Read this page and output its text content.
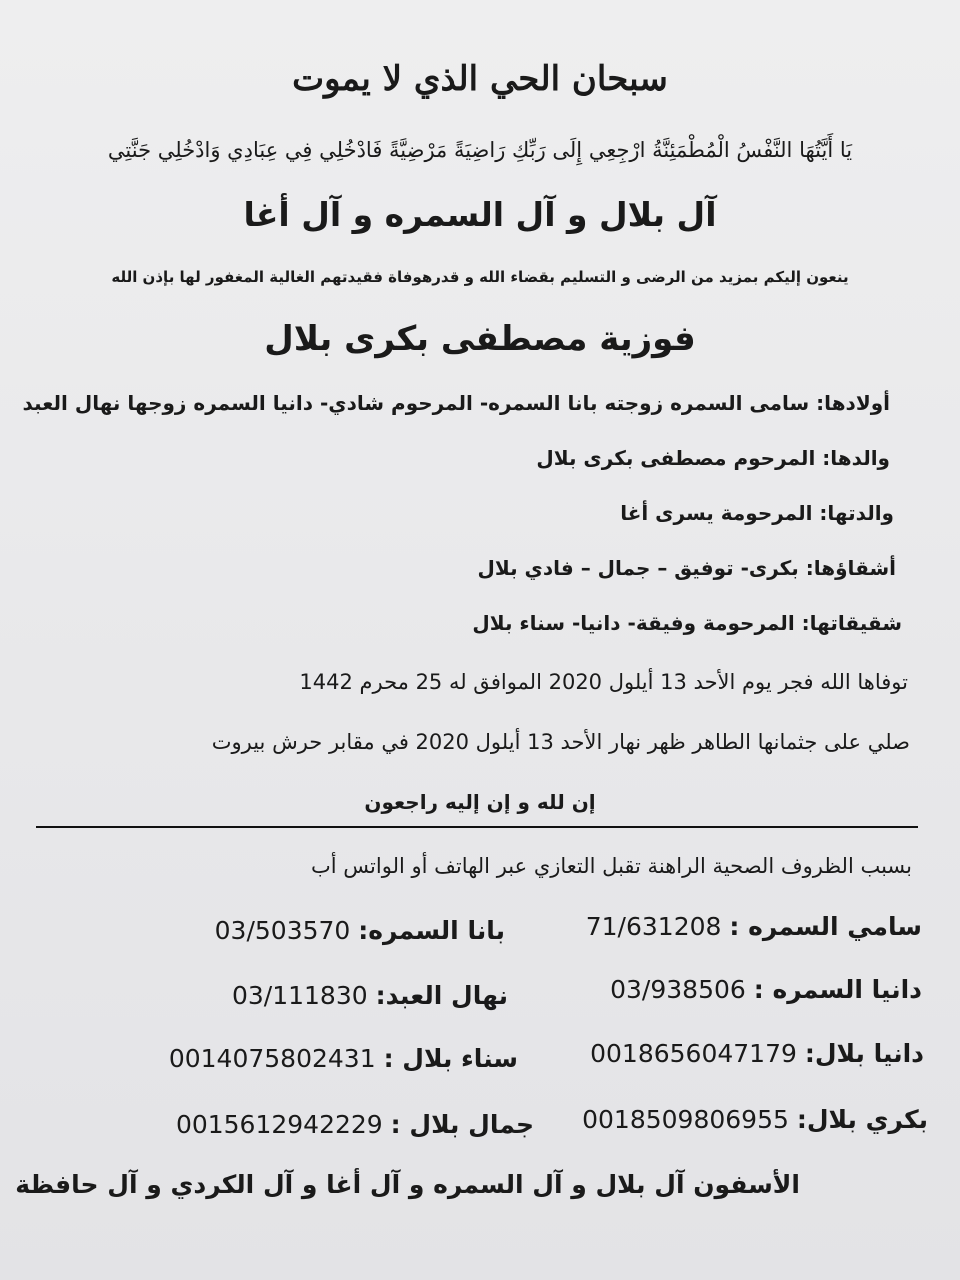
سبحان الحي الذي لا يموت
يَا أَيَّتُهَا النَّفْسُ الْمُطْمَئِنَّةُ ارْجِعِي إِلَى رَبِّكِ رَاضِيَةً مَرْضِيَّةً فَادْخُلِي فِي عِبَادِي وَادْخُلِي جَنَّتِي
آل بلال و آل السمره و آل أغا
ينعون إليكم بمزيد من الرضى و التسليم بقضاء الله و قدرهوفاة فقيدتهم الغالية المغفور لها بإذن الله
فوزية مصطفى بكرى بلال
أولادها: سامى السمره زوجته بانا السمره- المرحوم شادي- دانيا السمره زوجها نهال العبد
والدها: المرحوم مصطفى بكرى بلال
والدتها: المرحومة يسرى أغا
أشقاؤها: بكرى- توفيق – جمال – فادي بلال
شقيقاتها: المرحومة وفيقة- دانيا- سناء بلال
توفاها الله فجر يوم الأحد 13 أيلول 2020 الموافق له 25 محرم 1442
صلي على جثمانها الطاهر ظهر نهار الأحد 13 أيلول 2020 في مقابر حرش بيروت
إن لله و إن إليه راجعون
بسبب الظروف الصحية الراهنة تقبل التعازي عبر الهاتف أو الواتس أب
سامي السمره : 71/631208
بانا السمره: 03/503570
دانيا السمره : 03/938506
نهال العبد: 03/111830
دانيا بلال: 0018656047179
سناء بلال : 0014075802431
بكري بلال: 0018509806955
جمال بلال : 0015612942229
الأسفون آل بلال و آل السمره و آل أغا و آل الكردي و آل حافظة
